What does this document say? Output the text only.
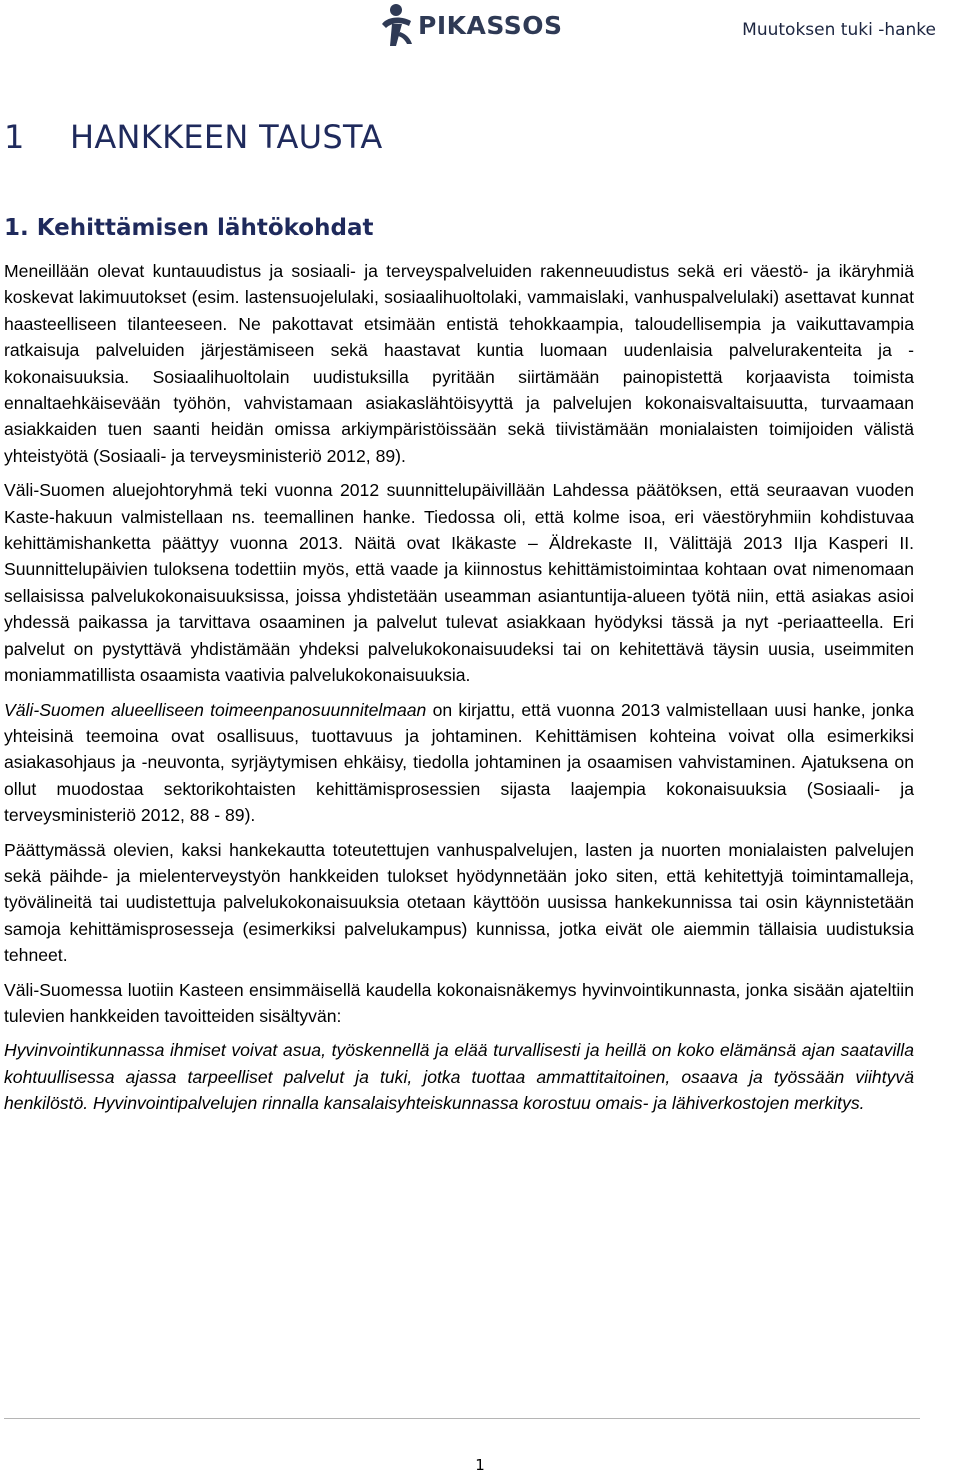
PIKASSOS	Muutoksen tuki -hanke
1 HANKKEEN TAUSTA
1. Kehittämisen lähtökohdat

Meneillään olevat kuntauudistus ja sosiaali- ja terveyspalveluiden rakenneuudistus sekä eri väestö- ja ikäryhmiä koskevat lakimuutokset (esim. lastensuojelulaki, sosiaalihuoltolaki, vammaislaki, vanhuspalvelulaki) asettavat kunnat haasteelliseen tilanteeseen. Ne pakottavat etsimään entistä tehokkaampia, taloudellisempia ja vaikuttavampia ratkaisuja palveluiden järjestämiseen sekä haastavat kuntia luomaan uudenlaisia palvelurakenteita ja -kokonaisuuksia. Sosiaalihuoltolain uudistuksilla pyritään siirtämään painopistettä korjaavista toimista ennaltaehkäisevään työhön, vahvistamaan asiakaslähtöisyyttä ja palvelujen kokonaisvaltaisuutta, turvaamaan asiakkaiden tuen saanti heidän omissa arkiympäristöissään sekä tiivistämään monialaisten toimijoiden välistä yhteistyötä (Sosiaali- ja terveysministeriö 2012, 89).

Väli-Suomen aluejohtoryhmä teki vuonna 2012 suunnittelupäivillään Lahdessa päätöksen, että seuraavan vuoden Kaste-hakuun valmistellaan ns. teemallinen hanke. Tiedossa oli, että kolme isoa, eri väestöryhmiin kohdistuvaa kehittämishanketta päättyy vuonna 2013. Näitä ovat Ikäkaste – Äldrekaste II, Välittäjä 2013 IIja Kasperi II. Suunnittelupäivien tuloksena todettiin myös, että vaade ja kiinnostus kehittämistoimintaa kohtaan ovat nimenomaan sellaisissa palvelukokonaisuuksissa, joissa yhdistetään useamman asiantuntija-alueen työtä niin, että asiakas asioi yhdessä paikassa ja tarvittava osaaminen ja palvelut tulevat asiakkaan hyödyksi tässä ja nyt -periaatteella. Eri palvelut on pystyttävä yhdistämään yhdeksi palvelukokonaisuudeksi tai on kehitettävä täysin uusia, useimmiten moniammatillista osaamista vaativia palvelukokonaisuuksia.

Väli-Suomen alueelliseen toimeenpanosuunnitelmaan on kirjattu, että vuonna 2013 valmistellaan uusi hanke, jonka yhteisinä teemoina ovat osallisuus, tuottavuus ja johtaminen. Kehittämisen kohteina voivat olla esimerkiksi asiakasohjaus ja -neuvonta, syrjäytymisen ehkäisy, tiedolla johtaminen ja osaamisen vahvistaminen. Ajatuksena on ollut muodostaa sektorikohtaisten kehittämisprosessien sijasta laajempia kokonaisuuksia (Sosiaali- ja terveysministeriö 2012, 88 - 89).

Päättymässä olevien, kaksi hankekautta toteutettujen vanhuspalvelujen, lasten ja nuorten monialaisten palvelujen sekä päihde- ja mielenterveystyön hankkeiden tulokset hyödynnetään joko siten, että kehitettyjä toimintamalleja, työvälineitä tai uudistettuja palvelukokonaisuuksia otetaan käyttöön uusissa hankekunnissa tai osin käynnistetään samoja kehittämisprosesseja (esimerkiksi palvelukampus) kunnissa, jotka eivät ole aiemmin tällaisia uudistuksia tehneet.

Väli-Suomessa luotiin Kasteen ensimmäisellä kaudella kokonaisnäkemys hyvinvointikunnasta, jonka sisään ajateltiin tulevien hankkeiden tavoitteiden sisältyvän:

Hyvinvointikunnassa ihmiset voivat asua, työskennellä ja elää turvallisesti ja heillä on koko elämänsä ajan saatavilla kohtuullisessa ajassa tarpeelliset palvelut ja tuki, jotka tuottaa ammattitaitoinen, osaava ja työssään viihtyvä henkilöstö. Hyvinvointipalvelujen rinnalla kansalaisyhteiskunnassa korostuu omais- ja lähiverkostojen merkitys.

1
